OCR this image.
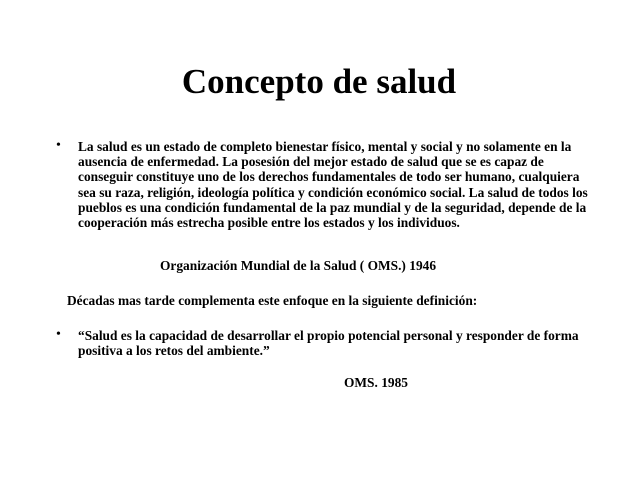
Concepto de salud
•	La salud es un estado de completo bienestar físico, mental y social y no solamente en la ausencia de enfermedad. La posesión del mejor estado de salud que se es capaz de conseguir constituye uno de los derechos fundamentales de todo ser humano, cualquiera sea su raza, religión, ideología política y condición económico social. La salud de todos los pueblos es una condición fundamental de la paz mundial y de la seguridad, depende de la cooperación más estrecha posible entre los estados y los individuos.

Organización Mundial de la Salud ( OMS.) 1946

Décadas mas tarde complementa este enfoque en la siguiente definición:

•	“Salud es la capacidad de desarrollar el propio potencial personal y responder de forma positiva a los retos del ambiente.”

OMS. 1985
